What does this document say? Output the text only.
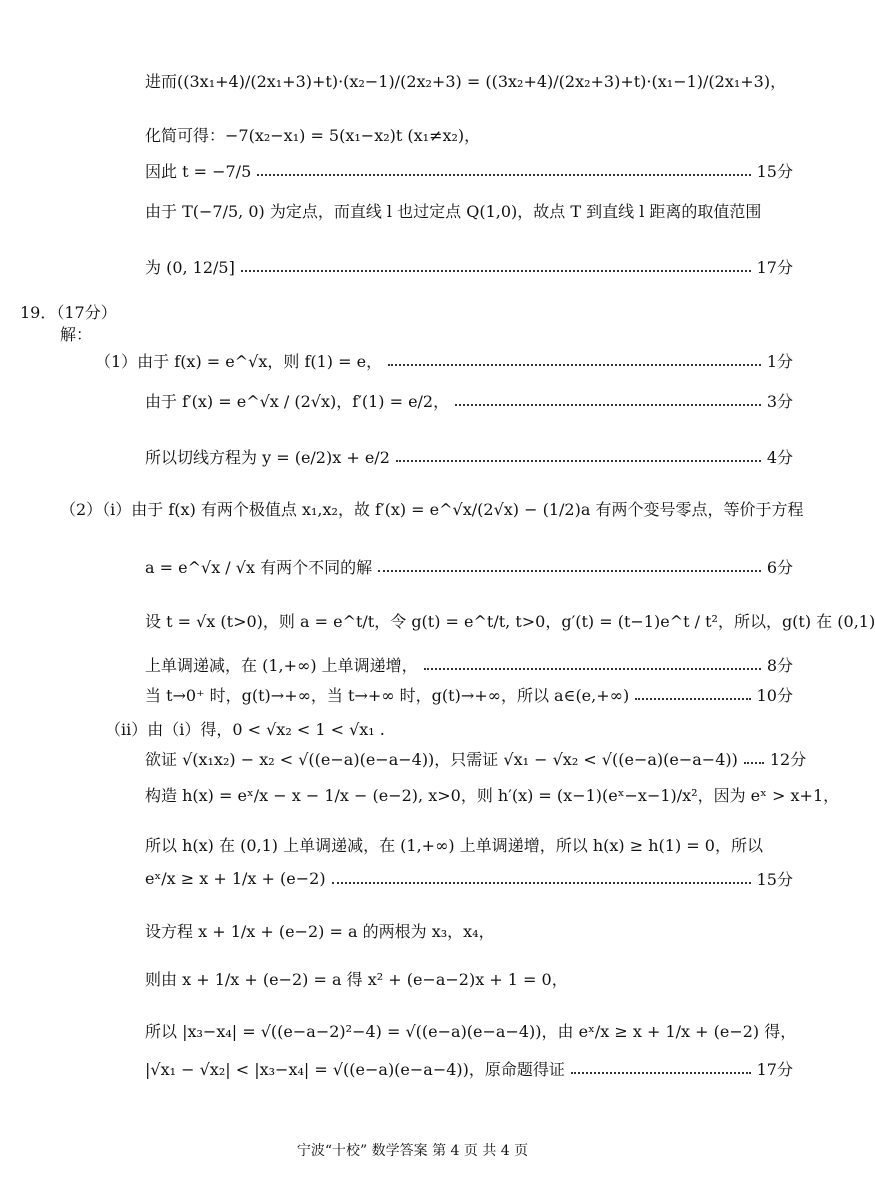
19．（17分）
解：
进而((3x₁+4)/(2x₁+3)+t)·(x₂−1)/(2x₂+3) = ((3x₂+4)/(2x₂+3)+t)·(x₁−1)/(2x₁+3)，
化简可得：−7(x₂−x₁) = 5(x₁−x₂)t (x₁≠x₂)，
因此 t = −7/5	15分
由于 T(−7/5, 0) 为定点，而直线 l 也过定点 Q(1,0)，故点 T 到直线 l 距离的取值范围
为 (0, 12/5]	17分
（1）由于 f(x) = e^√x，则 f(1) = e，	1分
由于 f′(x) = e^√x / (2√x)，f′(1) = e/2，	3分
所以切线方程为 y = (e/2)x + e/2	4分
（2）（i）由于 f(x) 有两个极值点 x₁,x₂，故 f′(x) = e^√x/(2√x) − (1/2)a 有两个变号零点，等价于方程
a = e^√x / √x 有两个不同的解	6分
设 t = √x (t>0)，则 a = e^t/t，令 g(t) = e^t/t, t>0，g′(t) = (t−1)e^t / t²，所以，g(t) 在 (0,1)
上单调递减，在 (1,+∞) 上单调递增，	8分
当 t→0⁺ 时，g(t)→+∞，当 t→+∞ 时，g(t)→+∞，所以 a∈(e,+∞)	10分
（ii）由（i）得，0 < √x₂ < 1 < √x₁ .
欲证 √(x₁x₂) − x₂ < √((e−a)(e−a−4))，只需证 √x₁ − √x₂ < √((e−a)(e−a−4)) 12分
构造 h(x) = eˣ/x − x − 1/x − (e−2), x>0，则 h′(x) = (x−1)(eˣ−x−1)/x²，因为 eˣ > x+1，
所以 h(x) 在 (0,1) 上单调递减，在 (1,+∞) 上单调递增，所以 h(x) ≥ h(1) = 0，所以
eˣ/x ≥ x + 1/x + (e−2)	15分
设方程 x + 1/x + (e−2) = a 的两根为 x₃，x₄，
则由 x + 1/x + (e−2) = a 得 x² + (e−a−2)x + 1 = 0，
所以 |x₃−x₄| = √((e−a−2)²−4) = √((e−a)(e−a−4))，由 eˣ/x ≥ x + 1/x + (e−2) 得，
|√x₁ − √x₂| < |x₃−x₄| = √((e−a)(e−a−4))，原命题得证	17分
宁波“十校” 数学答案 第 4 页 共 4 页
